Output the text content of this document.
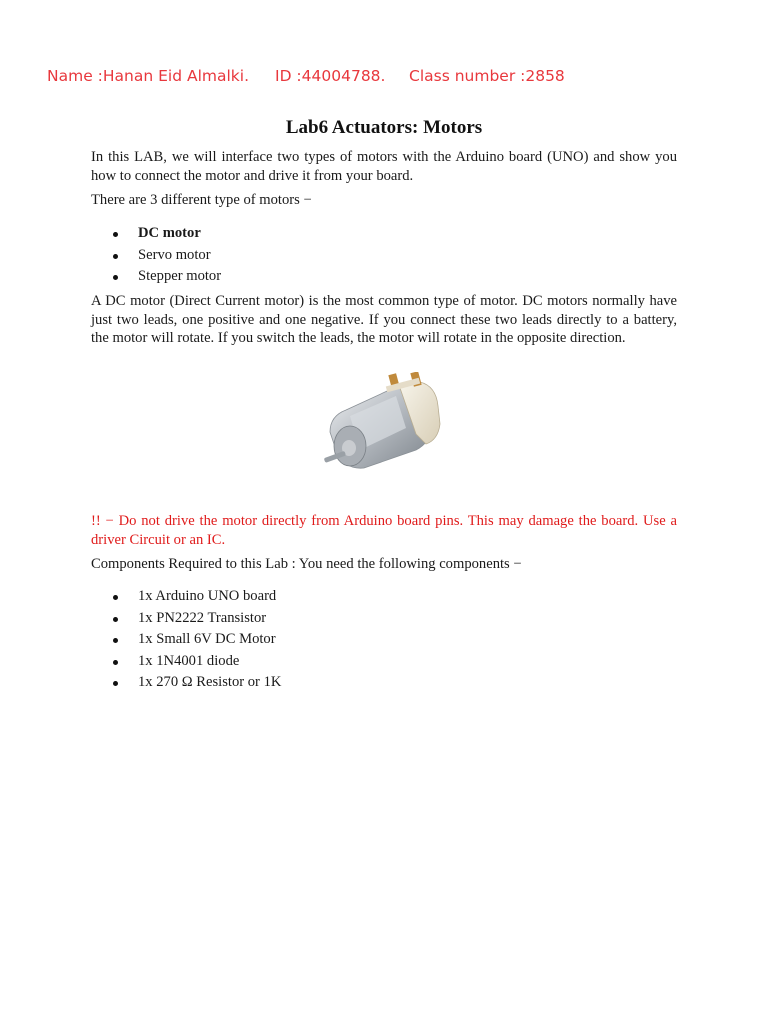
Name :Hanan Eid Almalki. ID :44004788. Class number :2858
Lab6 Actuators: Motors

In this LAB, we will interface two types of motors with the Arduino board (UNO) and show you how to connect the motor and drive it from your board.

There are 3 different type of motors −

DC motor
Servo motor
Stepper motor

A DC motor (Direct Current motor) is the most common type of motor. DC motors normally have just two leads, one positive and one negative. If you connect these two leads directly to a battery, the motor will rotate. If you switch the leads, the motor will rotate in the opposite direction.

!! − Do not drive the motor directly from Arduino board pins. This may damage the board. Use a driver Circuit or an IC.

Components Required to this Lab : You need the following components −

1x Arduino UNO board
1x PN2222 Transistor
1x Small 6V DC Motor
1x 1N4001 diode
1x 270 Ω Resistor or 1K
